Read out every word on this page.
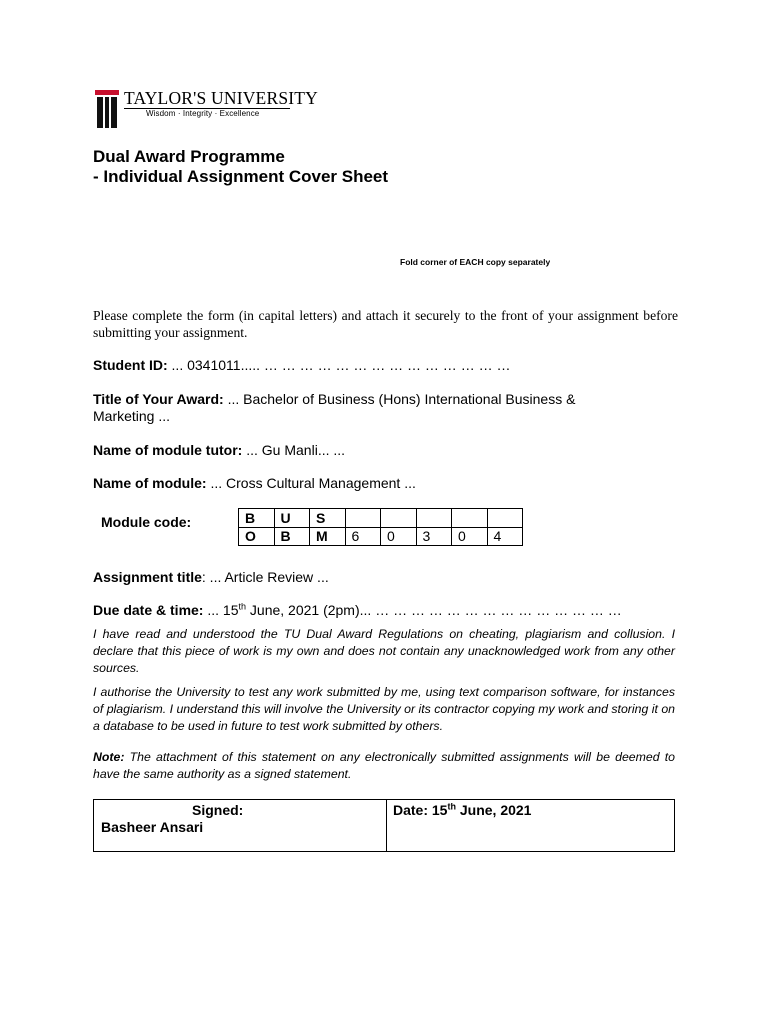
TAYLOR'S UNIVERSITY
Wisdom · Integrity · Excellence
Dual Award Programme
- Individual Assignment Cover Sheet
Fold corner of EACH copy separately
Please complete the form (in capital letters) and attach it securely to the front of your assignment before submitting your assignment.
Student ID: ... 0341011..... … … … … … … … … … … … … … …
Title of Your Award: ... Bachelor of Business (Hons) International Business & Marketing ...
Name of module tutor: ... Gu Manli... ...
Name of module: ... Cross Cultural Management ...
Module code:	B	U	S					
O	B	M	6	0	3	0	4
Assignment title: ... Article Review ...
Due date & time: ... 15th June, 2021 (2pm)... … … … … … … … … … … … … … …
I have read and understood the TU Dual Award Regulations on cheating, plagiarism and collusion. I declare that this piece of work is my own and does not contain any unacknowledged work from any other sources.
I authorise the University to test any work submitted by me, using text comparison software, for instances of plagiarism. I understand this will involve the University or its contractor copying my work and storing it on a database to be used in future to test work submitted by others.
Note: The attachment of this statement on any electronically submitted assignments will be deemed to have the same authority as a signed statement.
Signed:
Basheer Ansari
Date: 15th June, 2021
